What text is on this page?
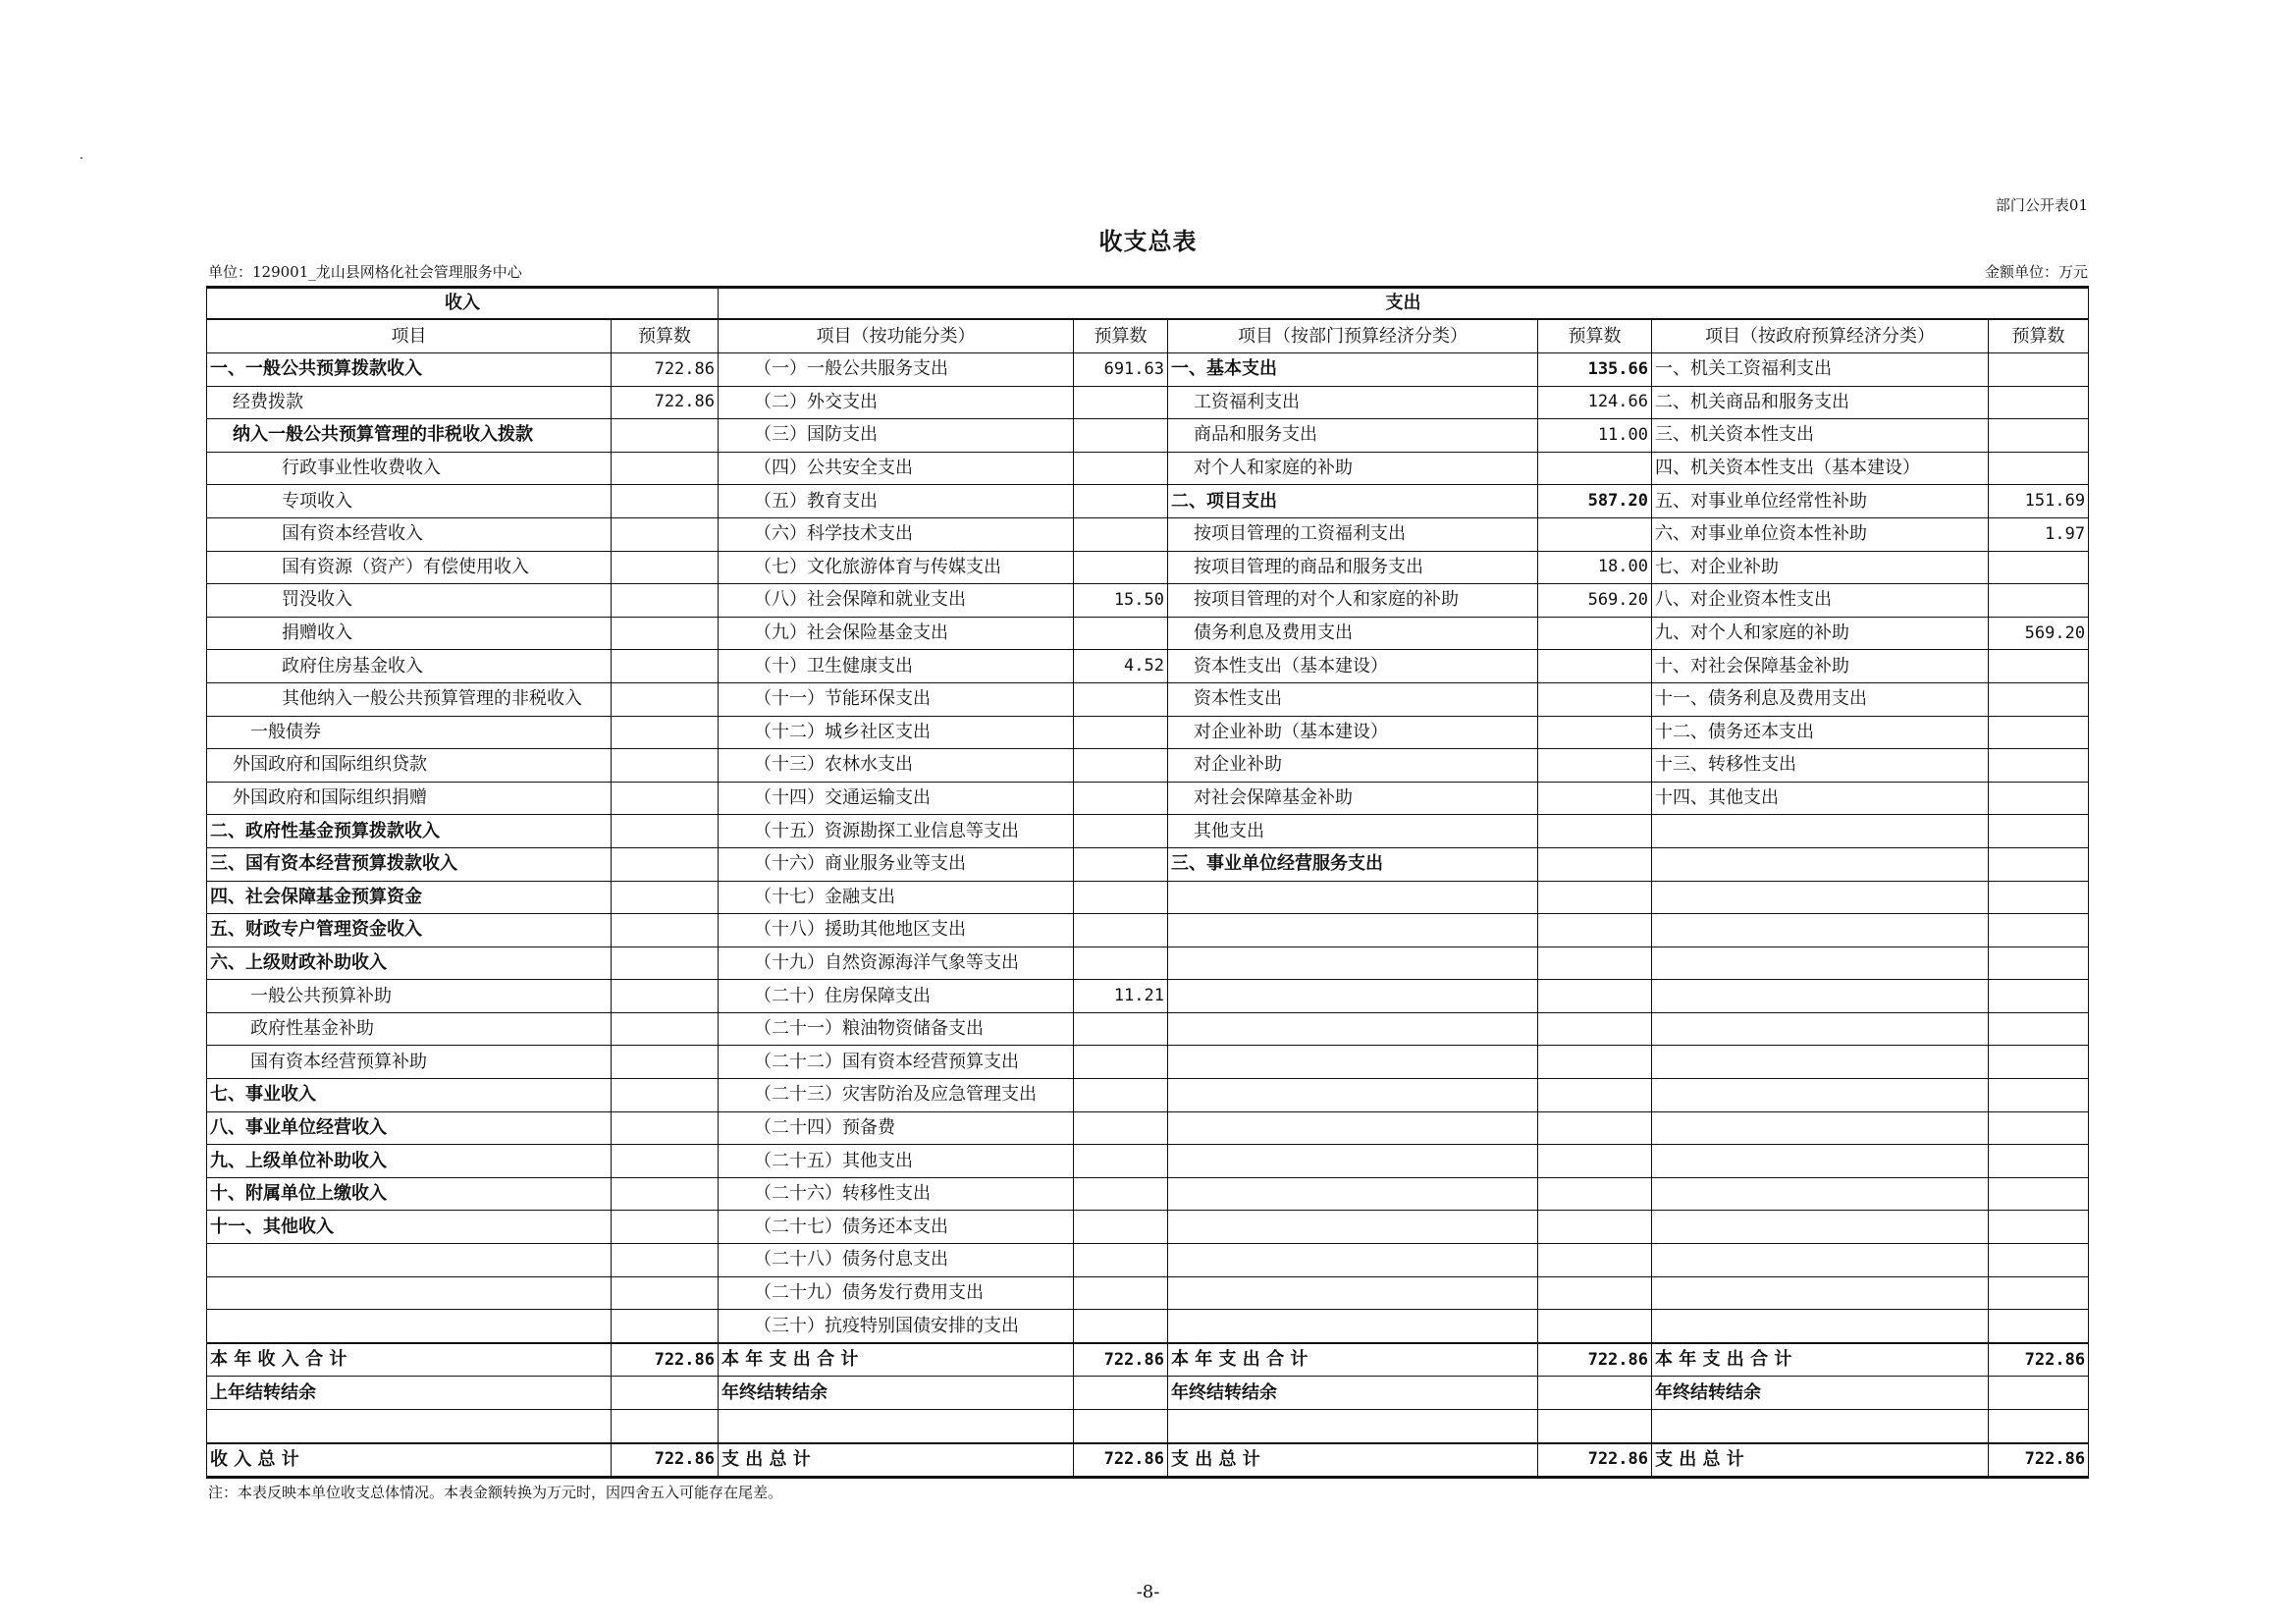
部门公开表01
收支总表
单位：129001_龙山县网格化社会管理服务中心	金额单位：万元
收入		支出					
项目	预算数	项目（按功能分类）	预算数	项目（按部门预算经济分类）	预算数	项目（按政府预算经济分类）	预算数
一、一般公共预算拨款收入	722.86	（一）一般公共服务支出	691.63	一、基本支出	135.66	一、机关工资福利支出	
经费拨款	722.86	（二）外交支出		工资福利支出	124.66	二、机关商品和服务支出	
纳入一般公共预算管理的非税收入拨款		（三）国防支出		商品和服务支出	11.00	三、机关资本性支出	
行政事业性收费收入		（四）公共安全支出		对个人和家庭的补助		四、机关资本性支出（基本建设）	
专项收入		（五）教育支出		二、项目支出	587.20	五、对事业单位经常性补助	151.69
国有资本经营收入		（六）科学技术支出		按项目管理的工资福利支出		六、对事业单位资本性补助	1.97
国有资源（资产）有偿使用收入		（七）文化旅游体育与传媒支出		按项目管理的商品和服务支出	18.00	七、对企业补助	
罚没收入		（八）社会保障和就业支出	15.50	按项目管理的对个人和家庭的补助	569.20	八、对企业资本性支出	
捐赠收入		（九）社会保险基金支出		债务利息及费用支出		九、对个人和家庭的补助	569.20
政府住房基金收入		（十）卫生健康支出	4.52	资本性支出（基本建设）		十、对社会保障基金补助	
其他纳入一般公共预算管理的非税收入		（十一）节能环保支出		资本性支出		十一、债务利息及费用支出	
一般债券		（十二）城乡社区支出		对企业补助（基本建设）		十二、债务还本支出	
外国政府和国际组织贷款		（十三）农林水支出		对企业补助		十三、转移性支出	
外国政府和国际组织捐赠		（十四）交通运输支出		对社会保障基金补助		十四、其他支出	
二、政府性基金预算拨款收入		（十五）资源勘探工业信息等支出		其他支出			
三、国有资本经营预算拨款收入		（十六）商业服务业等支出		三、事业单位经营服务支出			
四、社会保障基金预算资金		（十七）金融支出					
五、财政专户管理资金收入		（十八）援助其他地区支出					
六、上级财政补助收入		（十九）自然资源海洋气象等支出					
一般公共预算补助		（二十）住房保障支出	11.21				
政府性基金补助		（二十一）粮油物资储备支出					
国有资本经营预算补助		（二十二）国有资本经营预算支出					
七、事业收入		（二十三）灾害防治及应急管理支出					
八、事业单位经营收入		（二十四）预备费					
九、上级单位补助收入		（二十五）其他支出					
十、附属单位上缴收入		（二十六）转移性支出					
十一、其他收入		（二十七）债务还本支出					
		（二十八）债务付息支出					
		（二十九）债务发行费用支出					
		（三十）抗疫特别国债安排的支出					
本 年 收 入 合 计	722.86	本 年 支 出 合 计	722.86	本 年 支 出 合 计	722.86	本 年 支 出 合 计	722.86
上年结转结余		年终结转结余		年终结转结余		年终结转结余	

收 入 总 计	722.86	支 出 总 计	722.86	支 出 总 计	722.86	支 出 总 计	722.86
注：本表反映本单位收支总体情况。本表金额转换为万元时，因四舍五入可能存在尾差。
-8-
